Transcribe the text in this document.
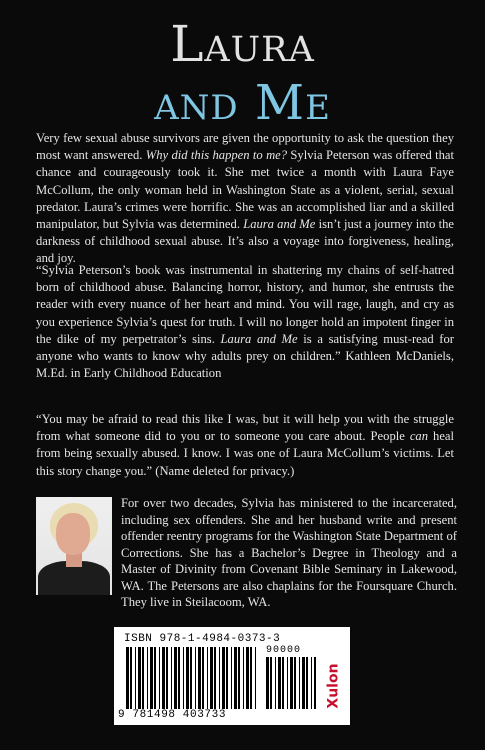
Laura
and Me

Very few sexual abuse survivors are given the opportunity to ask the question they most want answered. Why did this happen to me? Sylvia Peterson was offered that chance and courageously took it. She met twice a month with Laura Faye McCollum, the only woman held in Washington State as a violent, serial, sexual predator. Laura’s crimes were horrific. She was an accomplished liar and a skilled manipulator, but Sylvia was determined. Laura and Me isn’t just a journey into the darkness of childhood sexual abuse. It’s also a voyage into forgiveness, healing, and joy.

“Sylvia Peterson’s book was instrumental in shattering my chains of self-hatred born of childhood abuse. Balancing horror, history, and humor, she entrusts the reader with every nuance of her heart and mind. You will rage, laugh, and cry as you experience Sylvia’s quest for truth. I will no longer hold an impotent finger in the dike of my perpetrator’s sins. Laura and Me is a satisfying must-read for anyone who wants to know why adults prey on children.” Kathleen McDaniels, M.Ed. in Early Childhood Education

“You may be afraid to read this like I was, but it will help you with the struggle from what someone did to you or to someone you care about. People can heal from being sexually abused. I know. I was one of Laura McCollum’s victims. Let this story change you.” (Name deleted for privacy.)

For over two decades, Sylvia has ministered to the incarcerated, including sex offenders. She and her husband write and present offender reentry programs for the Washington State Department of Corrections. She has a Bachelor’s Degree in Theology and a Master of Divinity from Covenant Bible Seminary in Lakewood, WA. The Petersons are also chaplains for the Foursquare Church. They live in Steilacoom, WA.

ISBN 978-1-4984-0373-3
90000
9 781498 403733
Xulon
